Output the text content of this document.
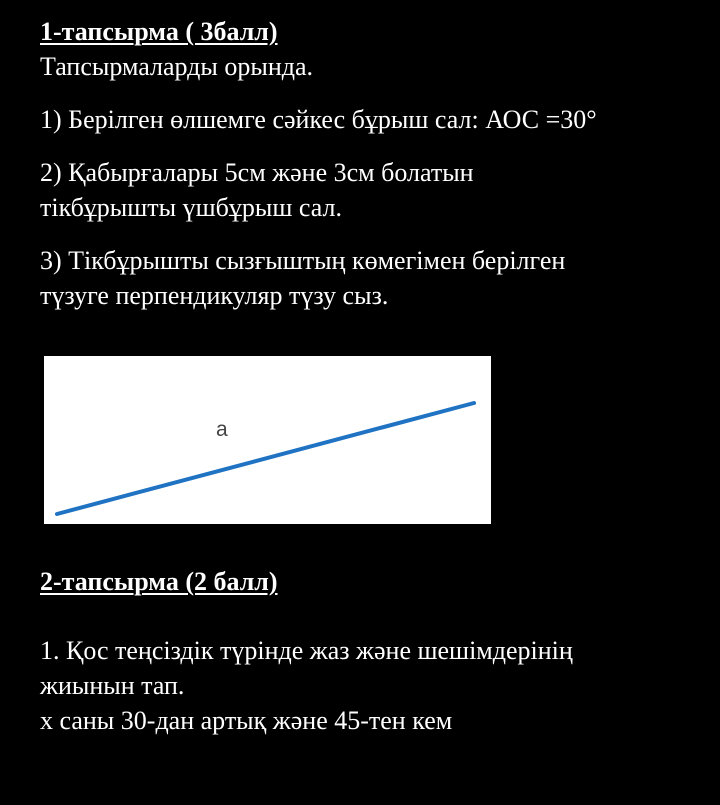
1-тапсырма ( 3балл)

Тапсырмаларды орында.

1) Берілген өлшемге сәйкес бұрыш сал: АОС =30°

2) Қабырғалары 5см және 3см болатын

тікбұрышты үшбұрыш сал.

3) Тікбұрышты сызғыштың көмегімен берілген

түзуге перпендикуляр түзу сыз.

a

2-тапсырма (2 балл)

1. Қос теңсіздік түрінде жаз және шешімдерінің

жиынын тап.

х саны 30-дан артық және 45-тен кем
